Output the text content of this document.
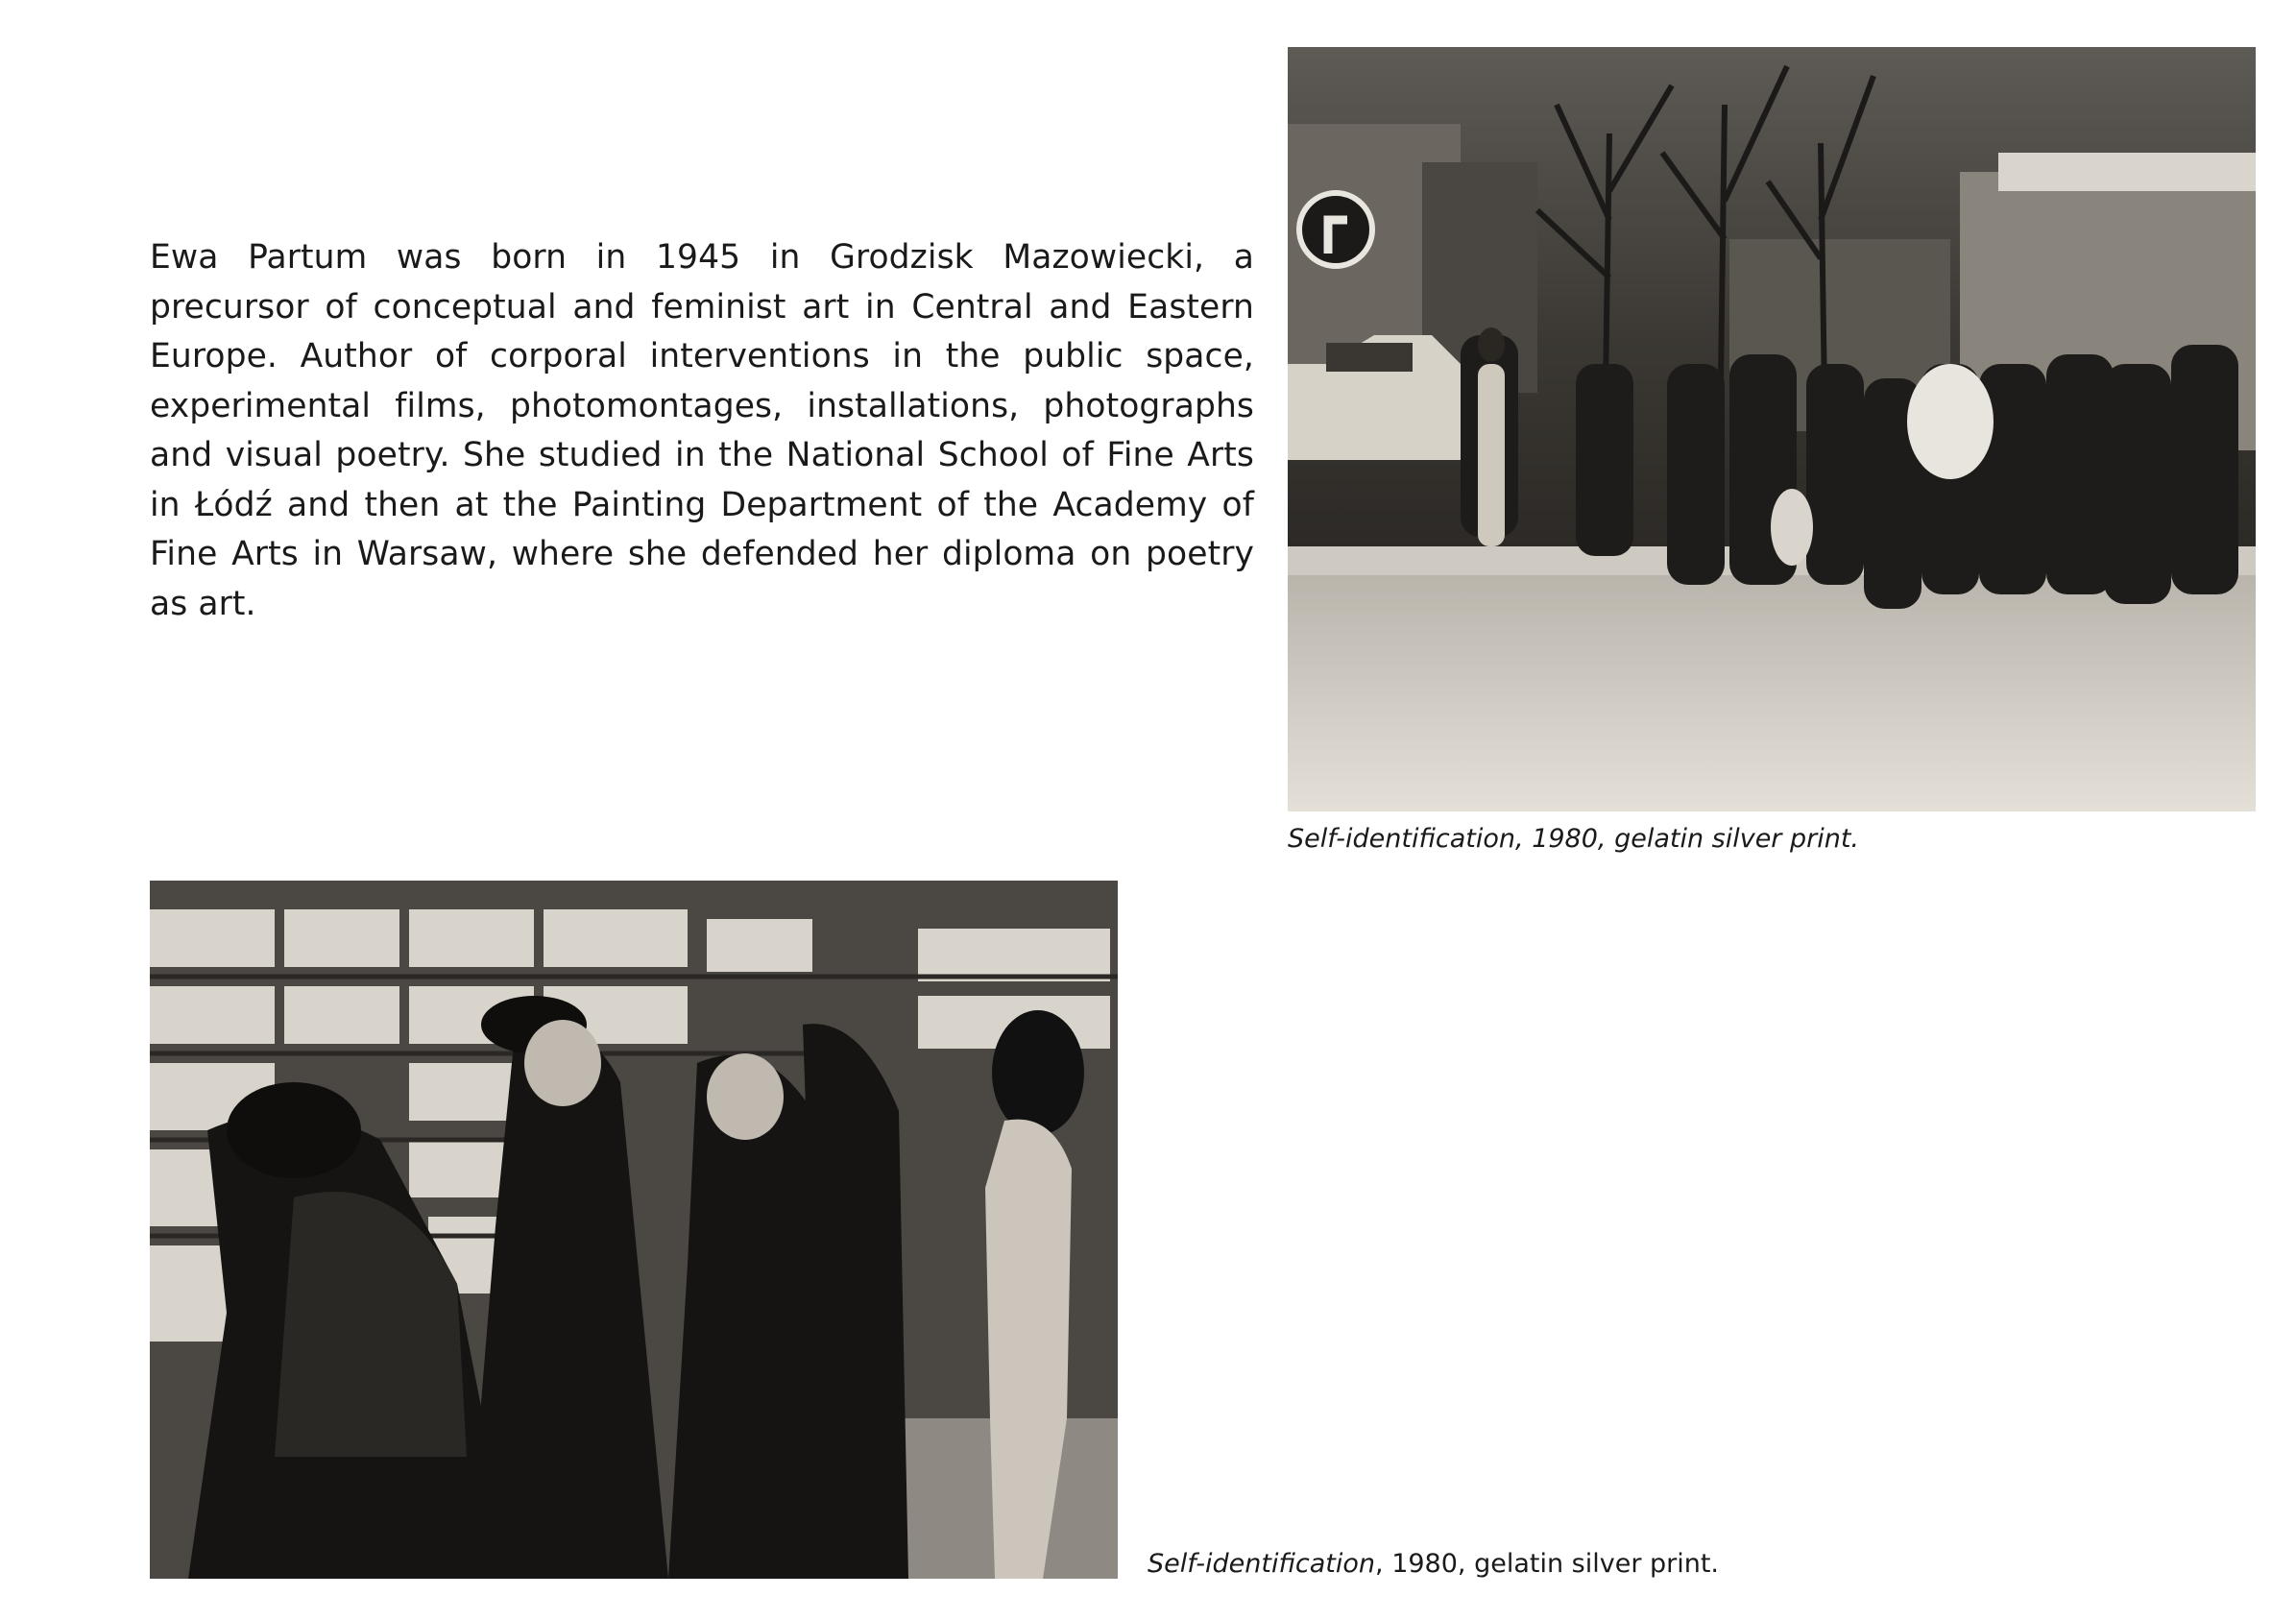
Ewa Partum was born in 1945 in Grodzisk Mazowiecki, a precursor of conceptual and feminist art in Central and Eastern Europe. Author of corporal interventions in the public space, experimental films, photomontages, installations, photographs and visual poetry. She studied in the National School of Fine Arts in Łódź and then at the Painting Department of the Academy of Fine Arts in Warsaw, where she defended her diploma on poetry as art.

Self-identification, 1980, gelatin silver print.
Self-identification, 1980, gelatin silver print.
